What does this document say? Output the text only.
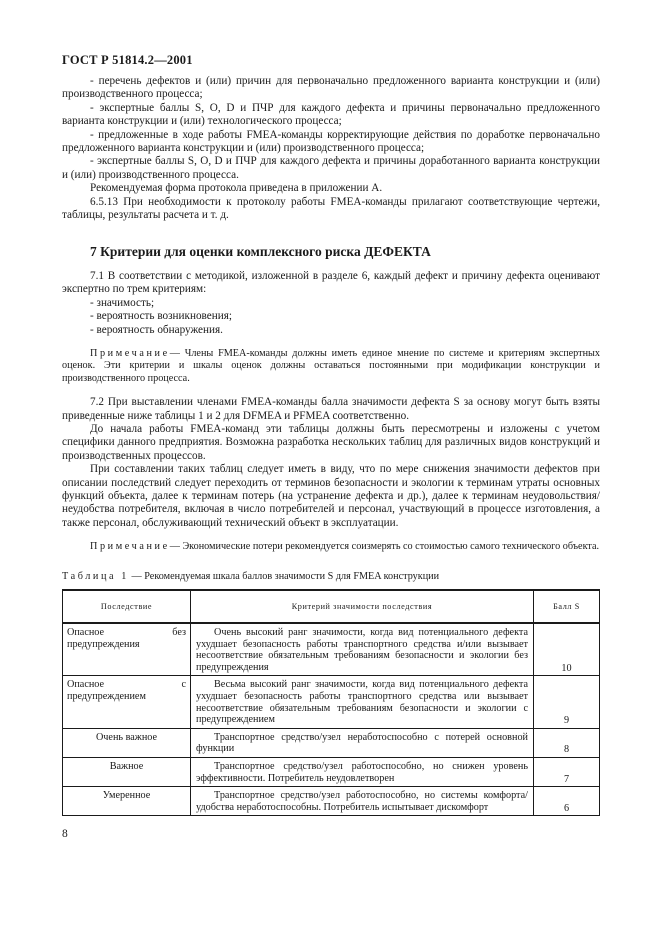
ГОСТ Р 51814.2—2001

- перечень дефектов и (или) причин для первоначально предложенного варианта конструкции и (или) производственного процесса;

- экспертные баллы S, O, D и ПЧР для каждого дефекта и причины первоначально предложенного варианта конструкции и (или) технологического процесса;

- предложенные в ходе работы FMEA-команды корректирующие действия по доработке первоначально предложенного варианта конструкции и (или) производственного процесса;

- экспертные баллы S, O, D и ПЧР для каждого дефекта и причины доработанного варианта конструкции и (или) производственного процесса.

Рекомендуемая форма протокола приведена в приложении А.

6.5.13 При необходимости к протоколу работы FMEA-команды прилагают соответствующие чертежи, таблицы, результаты расчета и т. д.

7 Критерии для оценки комплексного риска ДЕФЕКТА

7.1 В соответствии с методикой, изложенной в разделе 6, каждый дефект и причину дефекта оценивают экспертно по трем критериям:

- значимость;

- вероятность возникновения;

- вероятность обнаружения.

Примечание— Члены FMEA-команды должны иметь единое мнение по системе и критериям экспертных оценок. Эти критерии и шкалы оценок должны оставаться постоянными при модификации конструкции и производственного процесса.

7.2 При выставлении членами FMEA-команды балла значимости дефекта S за основу могут быть взяты приведенные ниже таблицы 1 и 2 для DFMEA и PFMEA соответственно.

До начала работы FMEA-команд эти таблицы должны быть пересмотрены и изложены с учетом специфики данного предприятия. Возможна разработка нескольких таблиц для различных видов конструкций и производственных процессов.

При составлении таких таблиц следует иметь в виду, что по мере снижения значимости дефектов при описании последствий следует переходить от терминов безопасности и экологии к терминам утраты основных функций объекта, далее к терминам потерь (на устранение дефекта и др.), далее к терминам неудовольствия/неудобства потребителя, включая в число потребителей и персонал, участвующий в процессе изготовления, а также персонал, обслуживающий технический объект в эксплуатации.

Примечание— Экономические потери рекомендуется соизмерять со стоимостью самого технического объекта.

Таблица 1 — Рекомендуемая шкала баллов значимости S для FMEA конструкции

Последствие	Критерий значимости последствия	Балл S
Опасное без предупреждения	Очень высокий ранг значимости, когда вид потенциального дефекта ухудшает безопасность работы транспортного средства и/или вызывает несоответствие обязательным требованиям безопасности и экологии без предупреждения	10
Опасное с предупреждением	Весьма высокий ранг значимости, когда вид потенциального дефекта ухудшает безопасность работы транспортного средства или вызывает несоответствие обязательным требованиям безопасности и экологии с предупреждением	9
Очень важное	Транспортное средство/узел неработоспособно с потерей основной функции	8
Важное	Транспортное средство/узел работоспособно, но снижен уровень эффективности. Потребитель неудовлетворен	7
Умеренное	Транспортное средство/узел работоспособно, но системы комфорта/удобства неработоспособны. Потребитель испытывает дискомфорт	6
8
